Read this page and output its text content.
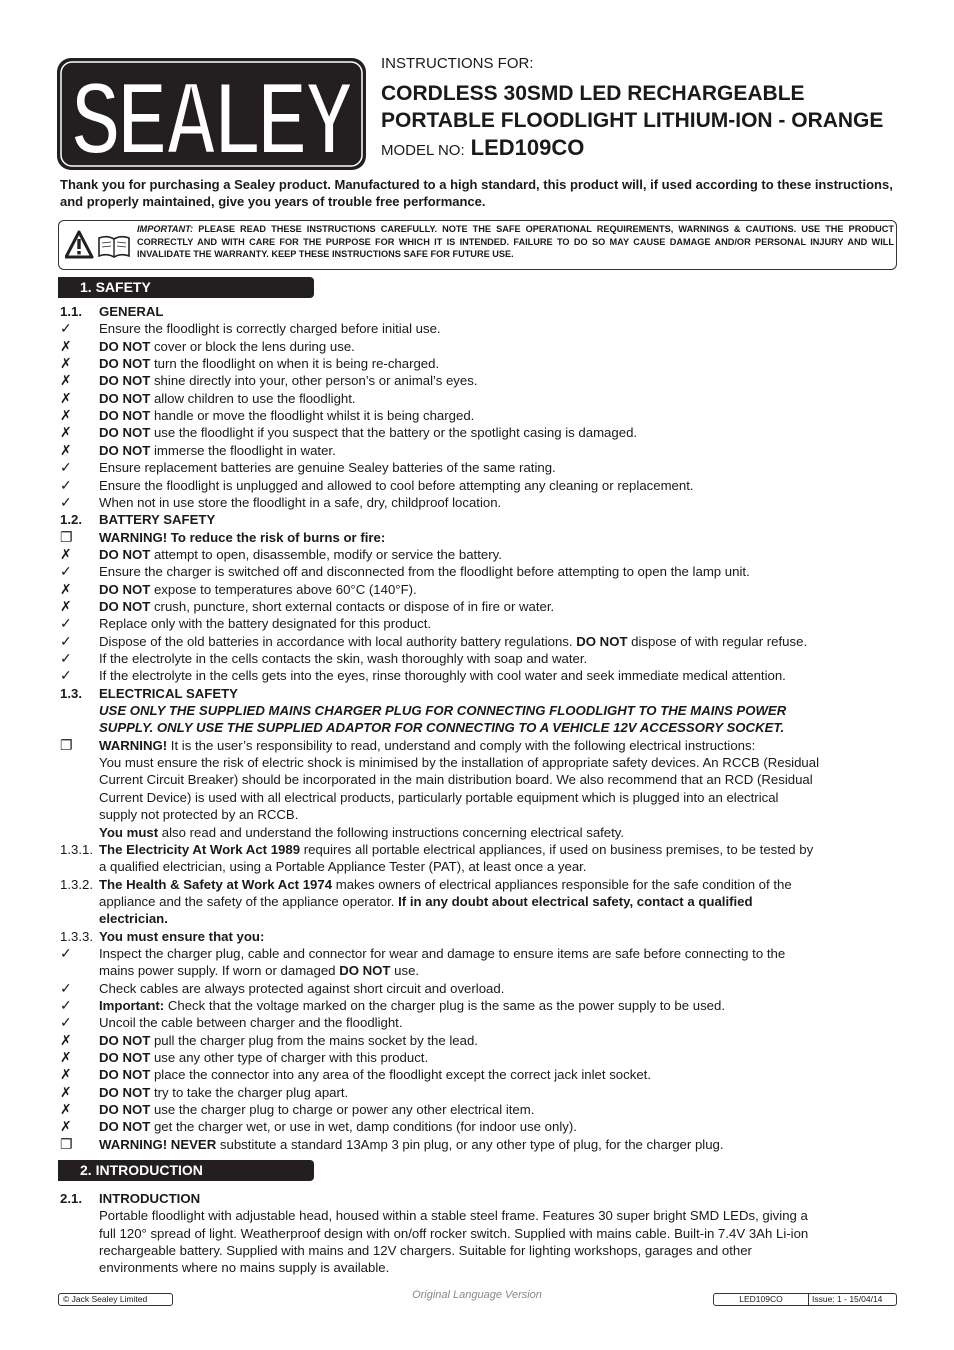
SEALEY
SEALEY INSTRUCTIONS FOR:
CORDLESS 30SMD LED RECHARGEABLE
PORTABLE FLOODLIGHT LITHIUM-ION - ORANGE
MODEL NO: LED109CO
Thank you for purchasing a Sealey product. Manufactured to a high standard, this product will, if used according to these instructions, and properly maintained, give you years of trouble free performance.
IMPORTANT: PLEASE READ THESE INSTRUCTIONS CAREFULLY. NOTE THE SAFE OPERATIONAL REQUIREMENTS, WARNINGS & CAUTIONS. USE THE PRODUCT CORRECTLY AND WITH CARE FOR THE PURPOSE FOR WHICH IT IS INTENDED. FAILURE TO DO SO MAY CAUSE DAMAGE AND/OR PERSONAL INJURY AND WILL INVALIDATE THE WARRANTY. KEEP THESE INSTRUCTIONS SAFE FOR FUTURE USE.
1. SAFETY
1.1.	GENERAL
✓	Ensure the floodlight is correctly charged before initial use.
✗	DO NOT cover or block the lens during use.
✗	DO NOT turn the floodlight on when it is being re-charged.
✗	DO NOT shine directly into your, other person’s or animal’s eyes.
✗	DO NOT allow children to use the floodlight.
✗	DO NOT handle or move the floodlight whilst it is being charged.
✗	DO NOT use the floodlight if you suspect that the battery or the spotlight casing is damaged.
✗	DO NOT immerse the floodlight in water.
✓	Ensure replacement batteries are genuine Sealey batteries of the same rating.
✓	Ensure the floodlight is unplugged and allowed to cool before attempting any cleaning or replacement.
✓	When not in use store the floodlight in a safe, dry, childproof location.
1.2.	BATTERY SAFETY
❐	WARNING! To reduce the risk of burns or fire:
✗	DO NOT attempt to open, disassemble, modify or service the battery.
✓	Ensure the charger is switched off and disconnected from the floodlight before attempting to open the lamp unit.
✗	DO NOT expose to temperatures above 60°C (140°F).
✗	DO NOT crush, puncture, short external contacts or dispose of in fire or water.
✓	Replace only with the battery designated for this product.
✓	Dispose of the old batteries in accordance with local authority battery regulations. DO NOT dispose of with regular refuse.
✓	If the electrolyte in the cells contacts the skin, wash thoroughly with soap and water.
✓	If the electrolyte in the cells gets into the eyes, rinse thoroughly with cool water and seek immediate medical attention.
1.3.	ELECTRICAL SAFETY
USE ONLY THE SUPPLIED MAINS CHARGER PLUG FOR CONNECTING FLOODLIGHT TO THE MAINS POWER
SUPPLY. ONLY USE THE SUPPLIED ADAPTOR FOR CONNECTING TO A VEHICLE 12V ACCESSORY SOCKET.
❐	WARNING! It is the user’s responsibility to read, understand and comply with the following electrical instructions:
You must ensure the risk of electric shock is minimised by the installation of appropriate safety devices. An RCCB (Residual
Current Circuit Breaker) should be incorporated in the main distribution board. We also recommend that an RCD (Residual
Current Device) is used with all electrical products, particularly portable equipment which is plugged into an electrical
supply not protected by an RCCB.
You must also read and understand the following instructions concerning electrical safety.
1.3.1. The Electricity At Work Act 1989 requires all portable electrical appliances, if used on business premises, to be tested by
a qualified electrician, using a Portable Appliance Tester (PAT), at least once a year.
1.3.2. The Health & Safety at Work Act 1974 makes owners of electrical appliances responsible for the safe condition of the
appliance and the safety of the appliance operator. If in any doubt about electrical safety, contact a qualified
electrician.
1.3.3. You must ensure that you:
✓	Inspect the charger plug, cable and connector for wear and damage to ensure items are safe before connecting to the
mains power supply. If worn or damaged DO NOT use.
✓	Check cables are always protected against short circuit and overload.
✓	Important: Check that the voltage marked on the charger plug is the same as the power supply to be used.
✓	Uncoil the cable between charger and the floodlight.
✗	DO NOT pull the charger plug from the mains socket by the lead.
✗	DO NOT use any other type of charger with this product.
✗	DO NOT place the connector into any area of the floodlight except the correct jack inlet socket.
✗	DO NOT try to take the charger plug apart.
✗	DO NOT use the charger plug to charge or power any other electrical item.
✗	DO NOT get the charger wet, or use in wet, damp conditions (for indoor use only).
❐	WARNING! NEVER substitute a standard 13Amp 3 pin plug, or any other type of plug, for the charger plug.
2. INTRODUCTION
2.1.	INTRODUCTION
Portable floodlight with adjustable head, housed within a stable steel frame. Features 30 super bright SMD LEDs, giving a
full 120° spread of light. Weatherproof design with on/off rocker switch. Supplied with mains cable. Built-in 7.4V 3Ah Li-ion
rechargeable battery. Supplied with mains and 12V chargers. Suitable for lighting workshops, garages and other
environments where no mains supply is available.
© Jack Sealey Limited	Original Language Version	LED109CO	Issue: 1 - 15/04/14
